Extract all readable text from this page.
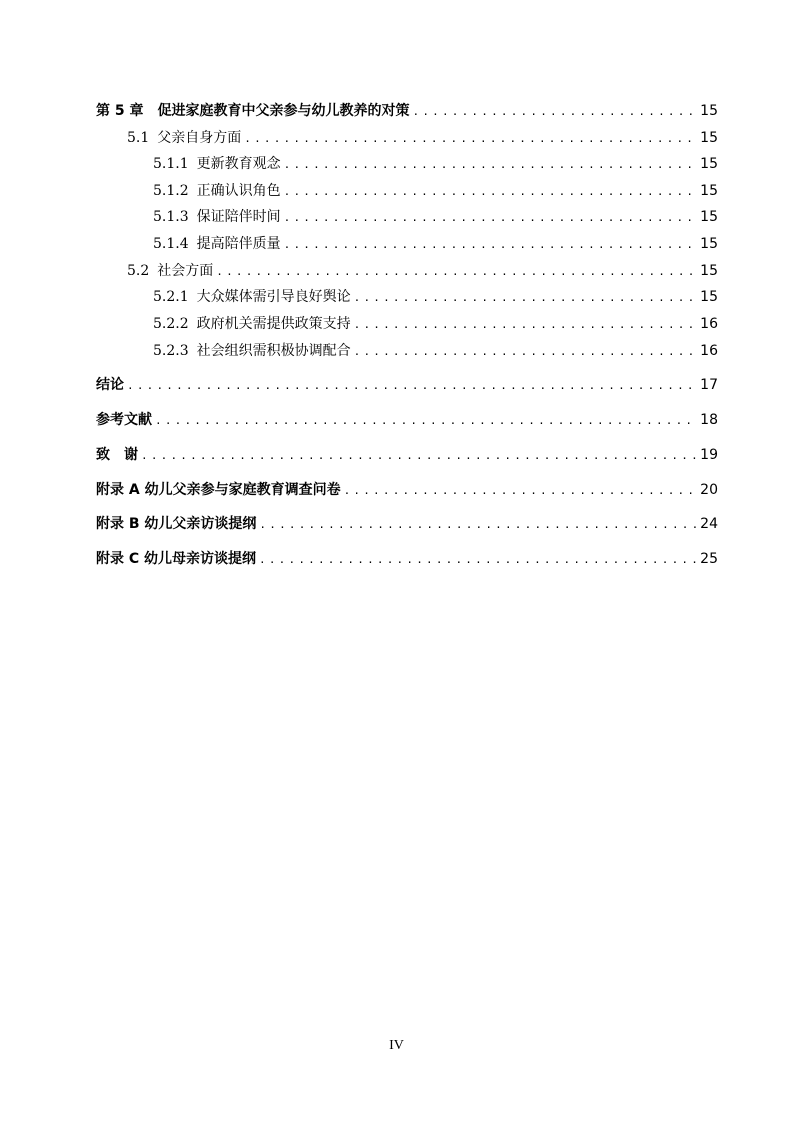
第 5 章　促进家庭教育中父亲参与幼儿教养的对策 .....	15
5.1 父亲自身方面 .....	15
5.1.1 更新教育观念 .....	15
5.1.2 正确认识角色 .....	15
5.1.3 保证陪伴时间 .....	15
5.1.4 提高陪伴质量 .....	15
5.2 社会方面 .....	15
5.2.1 大众媒体需引导良好舆论 .....	15
5.2.2 政府机关需提供政策支持 .....	16
5.2.3 社会组织需积极协调配合 .....	16
结论 .....	17
参考文献 .....	18
致　谢 .....	19
附录 A 幼儿父亲参与家庭教育调查问卷 .....	20
附录 B 幼儿父亲访谈提纲 .....	24
附录 C 幼儿母亲访谈提纲 .....	25
IV
